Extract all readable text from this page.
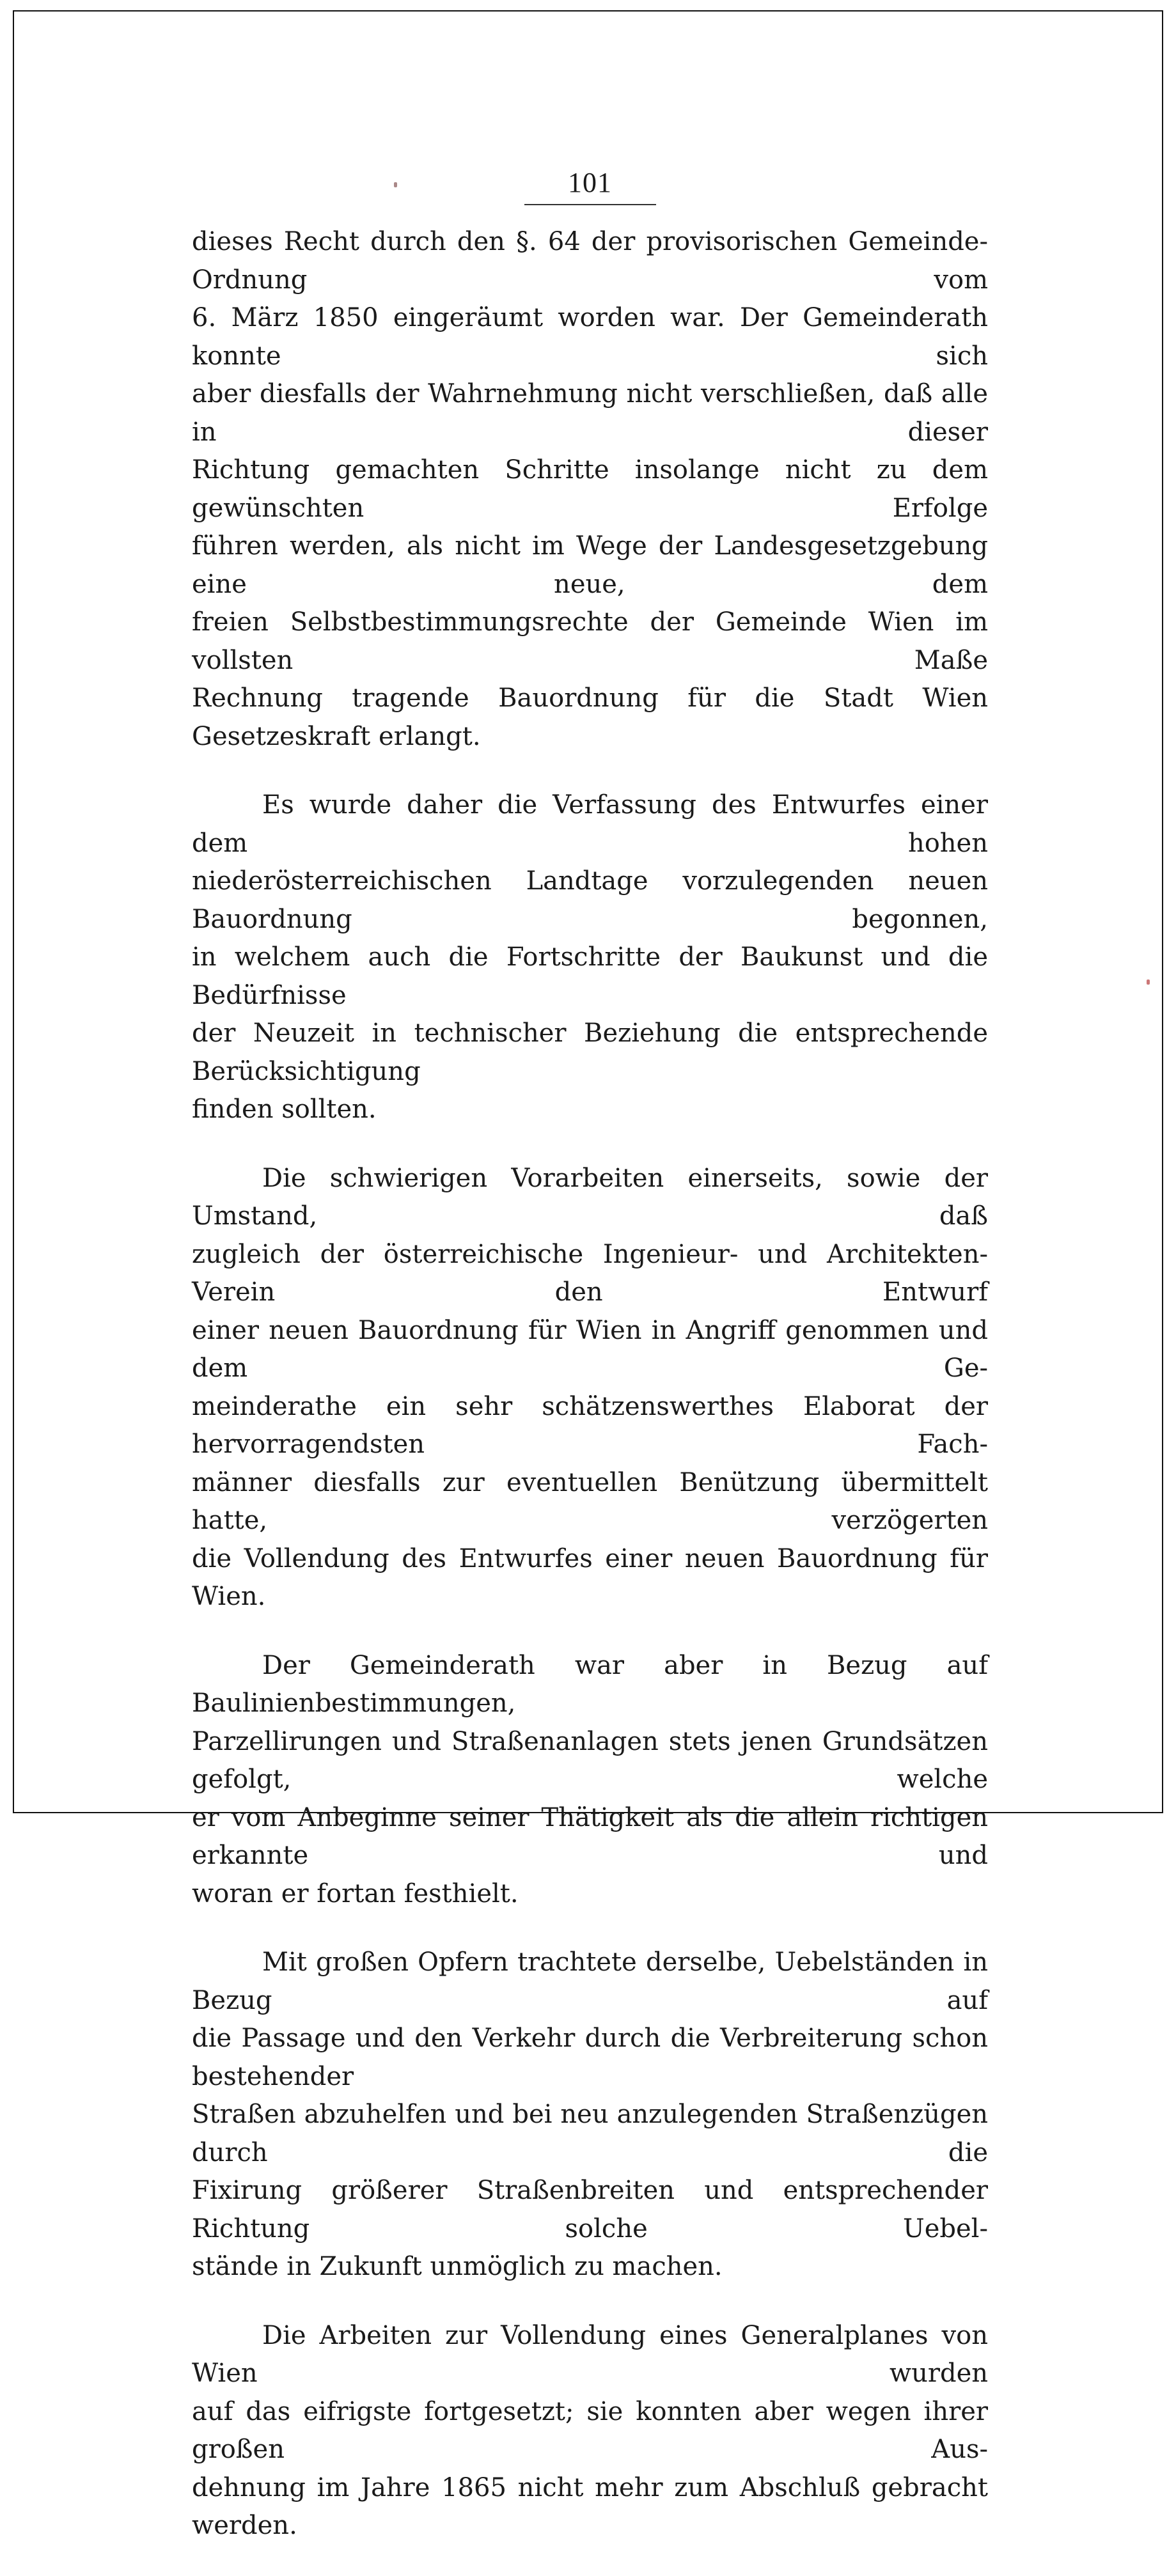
101
dieses Recht durch den §. 64 der provisorischen Gemeinde-Ordnung vom
6. März 1850 eingeräumt worden war. Der Gemeinderath konnte sich
aber diesfalls der Wahrnehmung nicht verschließen, daß alle in dieser
Richtung gemachten Schritte insolange nicht zu dem gewünschten Erfolge
führen werden, als nicht im Wege der Landesgesetzgebung eine neue, dem
freien Selbstbestimmungsrechte der Gemeinde Wien im vollsten Maße
Rechnung tragende Bauordnung für die Stadt Wien Gesetzeskraft erlangt.
Es wurde daher die Verfassung des Entwurfes einer dem hohen
niederösterreichischen Landtage vorzulegenden neuen Bauordnung begonnen,
in welchem auch die Fortschritte der Baukunst und die Bedürfnisse
der Neuzeit in technischer Beziehung die entsprechende Berücksichtigung
finden sollten.
Die schwierigen Vorarbeiten einerseits, sowie der Umstand, daß
zugleich der österreichische Ingenieur- und Architekten-Verein den Entwurf
einer neuen Bauordnung für Wien in Angriff genommen und dem Ge-
meinderathe ein sehr schätzenswerthes Elaborat der hervorragendsten Fach-
männer diesfalls zur eventuellen Benützung übermittelt hatte, verzögerten
die Vollendung des Entwurfes einer neuen Bauordnung für Wien.
Der Gemeinderath war aber in Bezug auf Baulinienbestimmungen,
Parzellirungen und Straßenanlagen stets jenen Grundsätzen gefolgt, welche
er vom Anbeginne seiner Thätigkeit als die allein richtigen erkannte und
woran er fortan festhielt.
Mit großen Opfern trachtete derselbe, Uebelständen in Bezug auf
die Passage und den Verkehr durch die Verbreiterung schon bestehender
Straßen abzuhelfen und bei neu anzulegenden Straßenzügen durch die
Fixirung größerer Straßenbreiten und entsprechender Richtung solche Uebel-
stände in Zukunft unmöglich zu machen.
Die Arbeiten zur Vollendung eines Generalplanes von Wien wurden
auf das eifrigste fortgesetzt; sie konnten aber wegen ihrer großen Aus-
dehnung im Jahre 1865 nicht mehr zum Abschluß gebracht werden.
